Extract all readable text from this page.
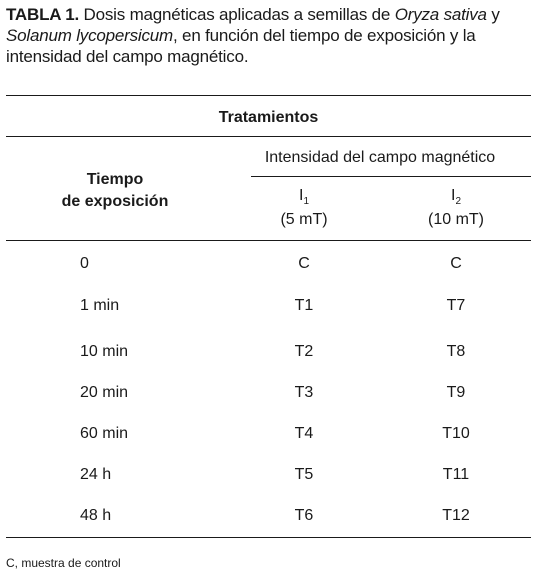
TABLA 1. Dosis magnéticas aplicadas a semillas de Oryza sativa y Solanum lycopersicum, en función del tiempo de exposición y la intensidad del campo magnético.
Tratamientos
Tiempo
de exposición
Intensidad del campo magnético
$I_1$
(5 mT)
$I_2$
(10 mT)
0	C	C
1 min	T1	T7
10 min	T2	T8
20 min	T3	T9
60 min	T4	T10
24 h	T5	T11
48 h	T6	T12
C, muestra de control
